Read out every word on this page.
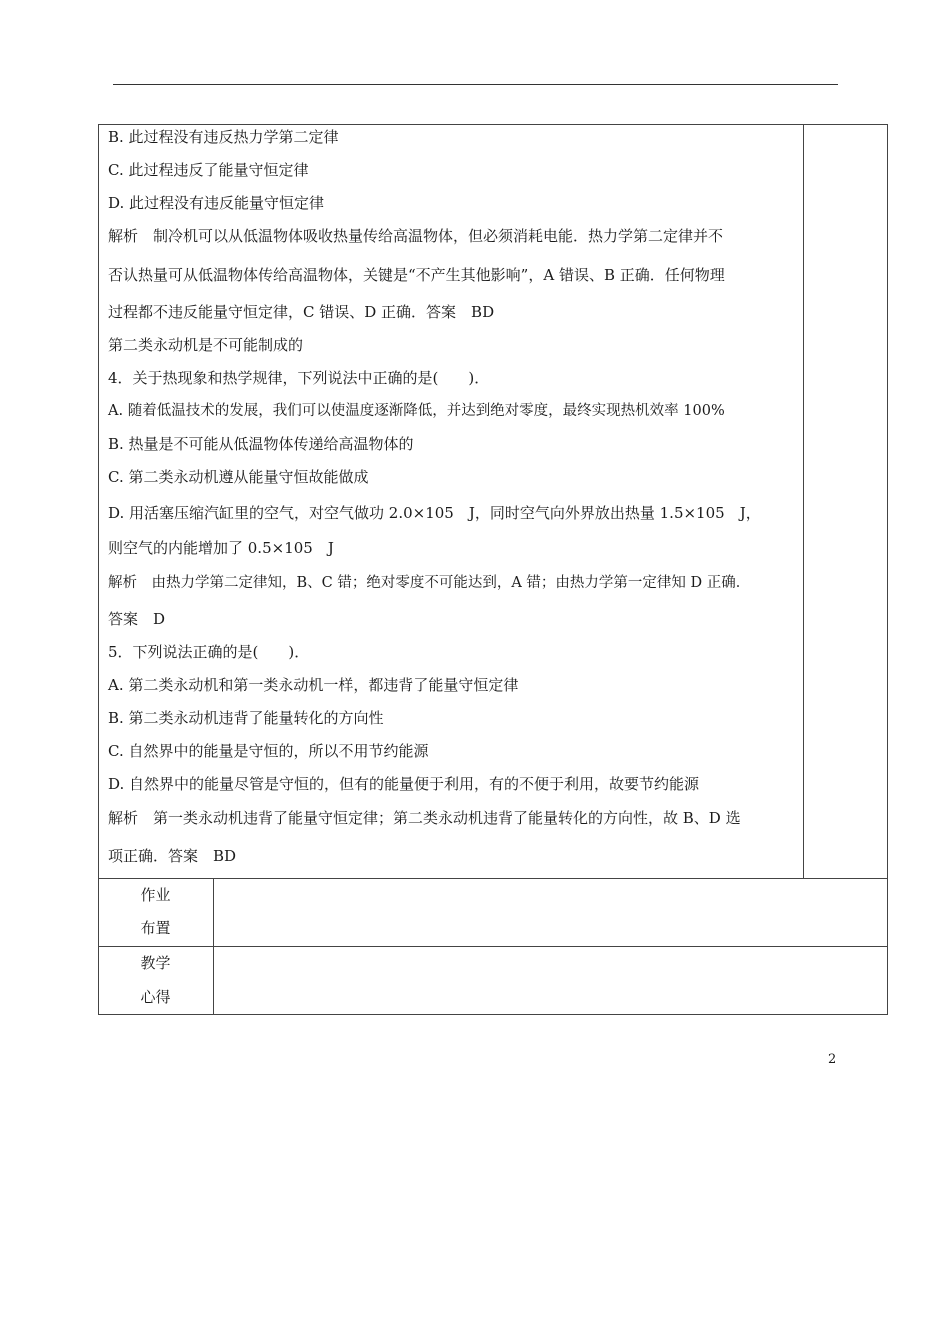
B. 此过程没有违反热力学第二定律
C. 此过程违反了能量守恒定律
D. 此过程没有违反能量守恒定律
解析　制冷机可以从低温物体吸收热量传给高温物体，但必须消耗电能．热力学第二定律并不
否认热量可从低温物体传给高温物体，关键是“不产生其他影响”，A 错误、B 正确．任何物理
过程都不违反能量守恒定律，C 错误、D 正确．答案　BD
第二类永动机是不可能制成的
4．关于热现象和热学规律，下列说法中正确的是(　　)．
A. 随着低温技术的发展，我们可以使温度逐渐降低，并达到绝对零度，最终实现热机效率 100%
B. 热量是不可能从低温物体传递给高温物体的
C. 第二类永动机遵从能量守恒故能做成
D. 用活塞压缩汽缸里的空气，对空气做功 2.0×105　J，同时空气向外界放出热量 1.5×105　J，
则空气的内能增加了 0.5×105　J
解析　由热力学第二定律知，B、C 错；绝对零度不可能达到，A 错；由热力学第一定律知 D 正确．
答案　D
5．下列说法正确的是(　　)．
A. 第二类永动机和第一类永动机一样，都违背了能量守恒定律
B. 第二类永动机违背了能量转化的方向性
C. 自然界中的能量是守恒的，所以不用节约能源
D. 自然界中的能量尽管是守恒的，但有的能量便于利用，有的不便于利用，故要节约能源
解析　第一类永动机违背了能量守恒定律；第二类永动机违背了能量转化的方向性，故 B、D 选
项正确．答案　BD
作业
布置
教学
心得
2
